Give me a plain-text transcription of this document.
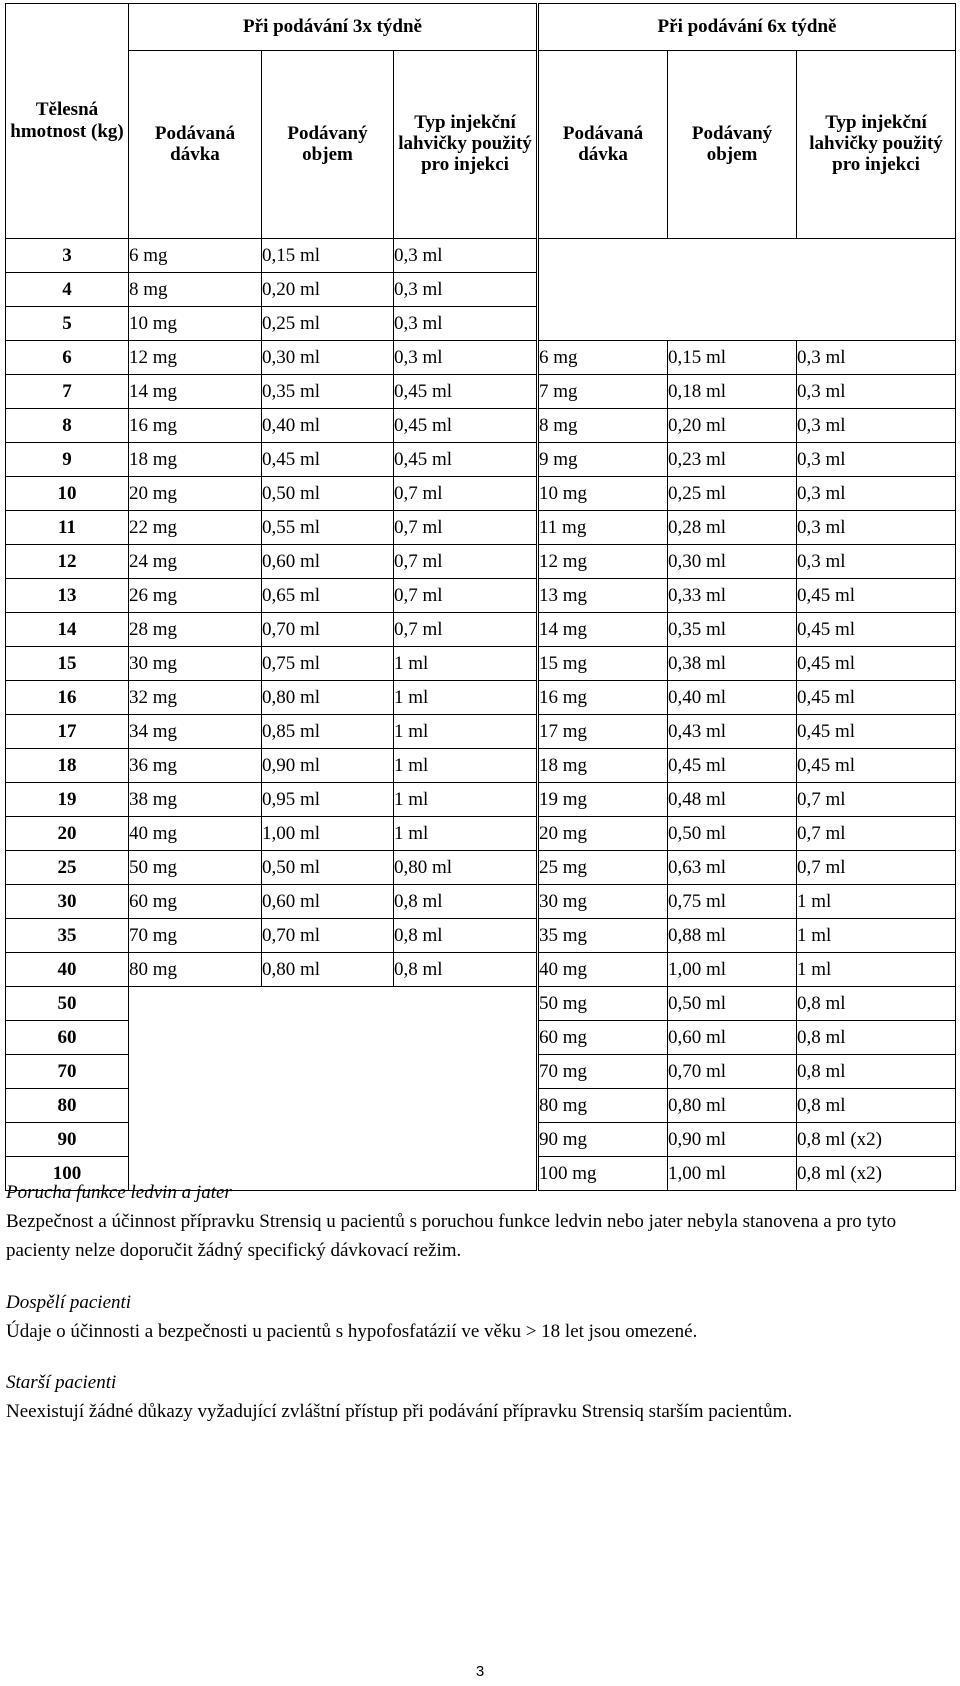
Tělesná hmotnost (kg)	Při podávání 3x týdně			Při podávání 6x týdně		
	Podávaná dávka	Podávaný objem	Typ injekční lahvičky použitý pro injekci	Podávaná dávka	Podávaný objem	Typ injekční lahvičky použitý pro injekci
3	6 mg	0,15 ml	0,3 ml			
4	8 mg	0,20 ml	0,3 ml			
5	10 mg	0,25 ml	0,3 ml			
6	12 mg	0,30 ml	0,3 ml	6 mg	0,15 ml	0,3 ml
7	14 mg	0,35 ml	0,45 ml	7 mg	0,18 ml	0,3 ml
8	16 mg	0,40 ml	0,45 ml	8 mg	0,20 ml	0,3 ml
9	18 mg	0,45 ml	0,45 ml	9 mg	0,23 ml	0,3 ml
10	20 mg	0,50 ml	0,7 ml	10 mg	0,25 ml	0,3 ml
11	22 mg	0,55 ml	0,7 ml	11 mg	0,28 ml	0,3 ml
12	24 mg	0,60 ml	0,7 ml	12 mg	0,30 ml	0,3 ml
13	26 mg	0,65 ml	0,7 ml	13 mg	0,33 ml	0,45 ml
14	28 mg	0,70 ml	0,7 ml	14 mg	0,35 ml	0,45 ml
15	30 mg	0,75 ml	1 ml	15 mg	0,38 ml	0,45 ml
16	32 mg	0,80 ml	1 ml	16 mg	0,40 ml	0,45 ml
17	34 mg	0,85 ml	1 ml	17 mg	0,43 ml	0,45 ml
18	36 mg	0,90 ml	1 ml	18 mg	0,45 ml	0,45 ml
19	38 mg	0,95 ml	1 ml	19 mg	0,48 ml	0,7 ml
20	40 mg	1,00 ml	1 ml	20 mg	0,50 ml	0,7 ml
25	50 mg	0,50 ml	0,80 ml	25 mg	0,63 ml	0,7 ml
30	60 mg	0,60 ml	0,8 ml	30 mg	0,75 ml	1 ml
35	70 mg	0,70 ml	0,8 ml	35 mg	0,88 ml	1 ml
40	80 mg	0,80 ml	0,8 ml	40 mg	1,00 ml	1 ml
50				50 mg	0,50 ml	0,8 ml
60				60 mg	0,60 ml	0,8 ml
70				70 mg	0,70 ml	0,8 ml
80				80 mg	0,80 ml	0,8 ml
90				90 mg	0,90 ml	0,8 ml (x2)
100				100 mg	1,00 ml	0,8 ml (x2)
Porucha funkce ledvin a jater
Bezpečnost a účinnost přípravku Strensiq u pacientů s poruchou funkce ledvin nebo jater nebyla stanovena a pro tyto pacienty nelze doporučit žádný specifický dávkovací režim.
Dospělí pacienti
Údaje o účinnosti a bezpečnosti u pacientů s hypofosfatázií ve věku > 18 let jsou omezené.
Starší pacienti
Neexistují žádné důkazy vyžadující zvláštní přístup při podávání přípravku Strensiq starším pacientům.
3
